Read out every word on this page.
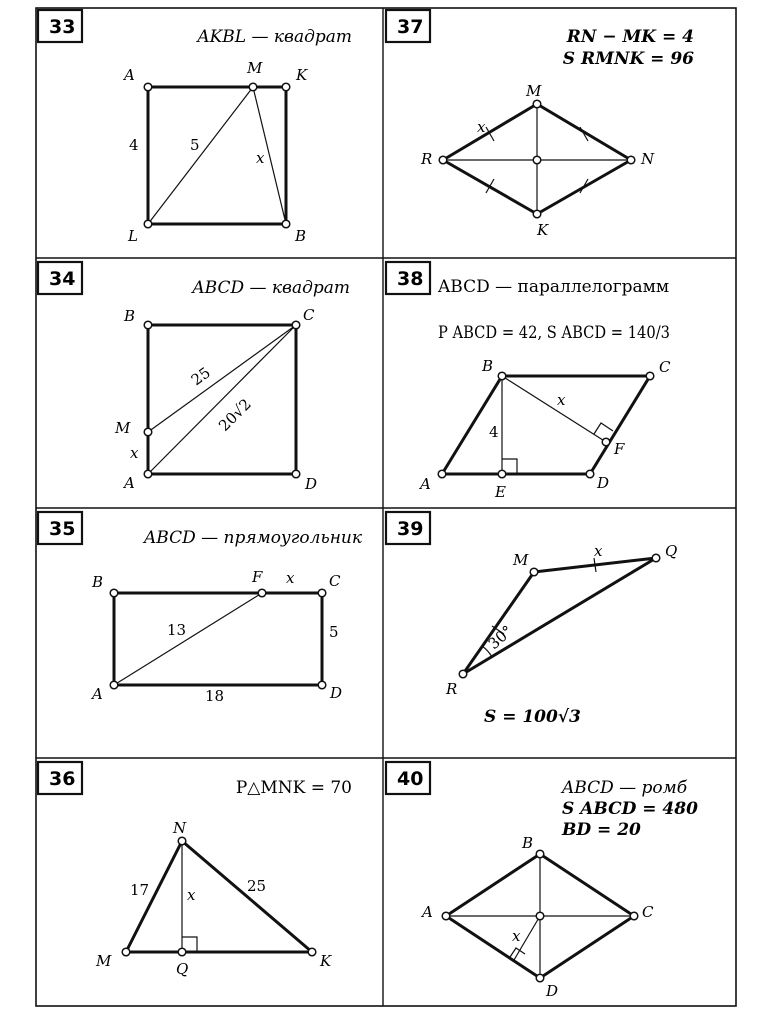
33	AKBL — квадрат
A	M K
L	B
4	5
x
34	ABCD — квадрат
B	C
D
A
M
x
25
20√2
35	ABCD — прямоугольник
B	F	C
D
A
x
13	5
18
36	P△MNK = 70
N
M	Q	K
17	25
x
37	RN − MK = 4
S RMNK = 96
M
R	N
K
x
38 ABCD — параллелограмм
P ABCD = 42, S ABCD = 140/3
A
B	C
D
E
F
4
x
39
M	Q
R
x
30°
S = 100√3
40	ABCD — ромб
S ABCD = 480
BD = 20
B
A	C
D
x
